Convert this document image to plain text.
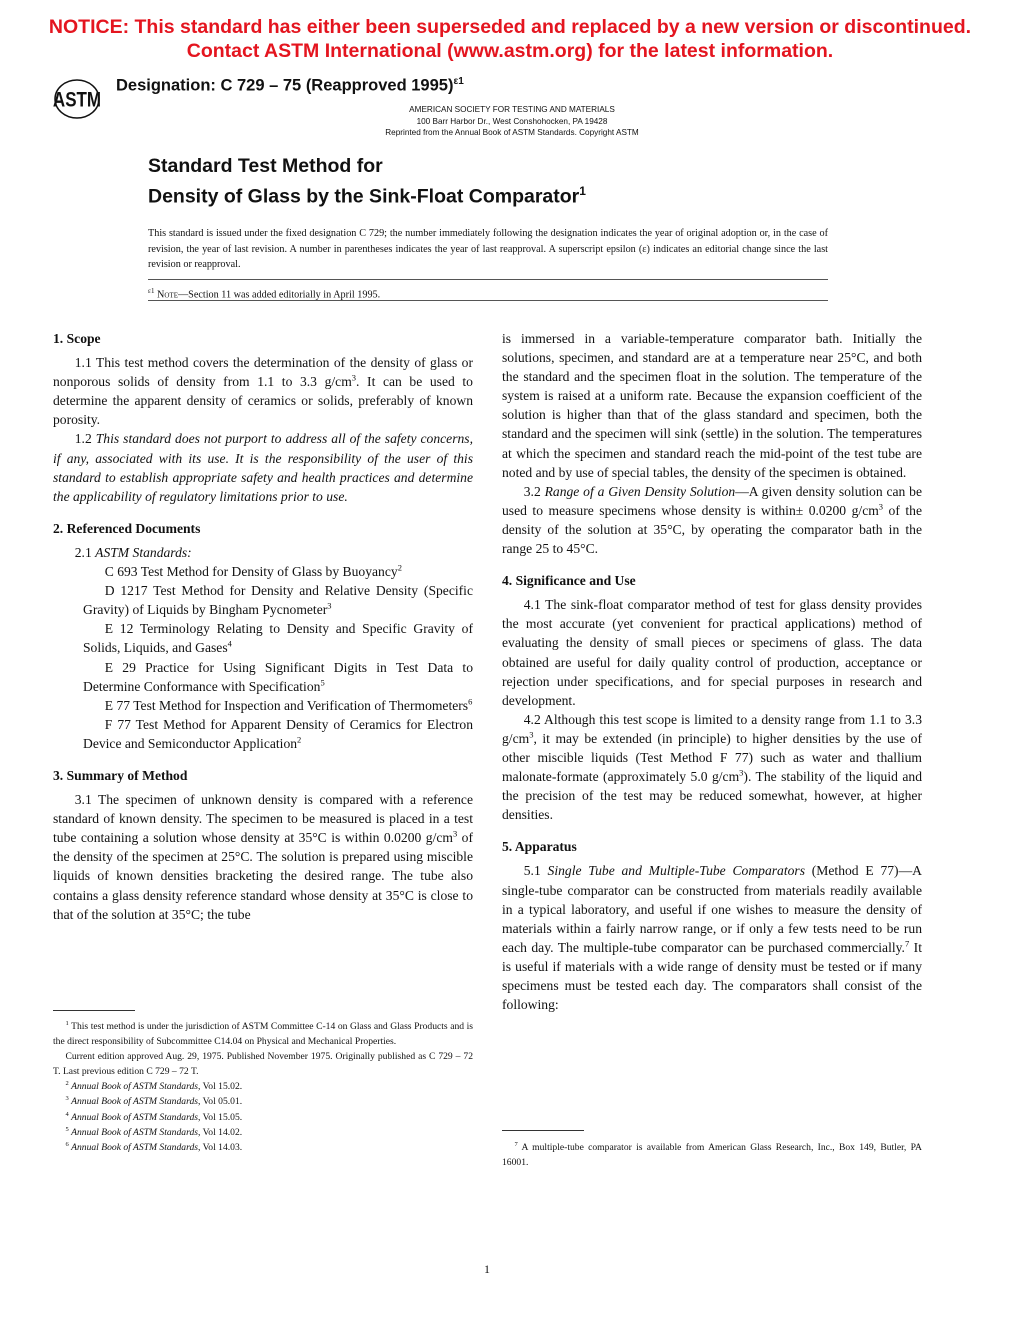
NOTICE: This standard has either been superseded and replaced by a new version or discontinued.
Contact ASTM International (www.astm.org) for the latest information.
A​STM
Designation: C 729 – 75 (Reapproved 1995)$^{\varepsilon 1}$
AMERICAN SOCIETY FOR TESTING AND MATERIALS
100 Barr Harbor Dr., West Conshohocken, PA 19428
Reprinted from the Annual Book of ASTM Standards. Copyright ASTM
Standard Test Method for
Density of Glass by the Sink-Float Comparator$^1$
This standard is issued under the fixed designation C 729; the number immediately following the designation indicates the year of original adoption or, in the case of revision, the year of last revision. A number in parentheses indicates the year of last reapproval. A superscript epsilon (ε) indicates an editorial change since the last revision or reapproval.
$^{\varepsilon 1}$ Note—Section 11 was added editorially in April 1995.
1. Scope

1.1 This test method covers the determination of the density of glass or nonporous solids of density from 1.1 to 3.3 $g/cm^3$. It can be used to determine the apparent density of ceramics or solids, preferably of known porosity.

1.2 This standard does not purport to address all of the safety concerns, if any, associated with its use. It is the responsibility of the user of this standard to establish appropriate safety and health practices and determine the applicability of regulatory limitations prior to use.

2. Referenced Documents

2.1 ASTM Standards:

C 693 Test Method for Density of Glass by Buoyancy$^2$

D 1217 Test Method for Density and Relative Density (Specific Gravity) of Liquids by Bingham Pycnometer$^3$

E 12 Terminology Relating to Density and Specific Gravity of Solids, Liquids, and Gases$^4$

E 29 Practice for Using Significant Digits in Test Data to Determine Conformance with Specification$^5$

E 77 Test Method for Inspection and Verification of Thermometers$^6$

F 77 Test Method for Apparent Density of Ceramics for Electron Device and Semiconductor Application$^2$

3. Summary of Method

3.1 The specimen of unknown density is compared with a reference standard of known density. The specimen to be measured is placed in a test tube containing a solution whose density at 35°C is within 0.0200 $g/cm^3$ of the density of the specimen at 25°C. The solution is prepared using miscible liquids of known densities bracketing the desired range. The tube also contains a glass density reference standard whose density at 35°C is close to that of the solution at 35°C; the tube

$^1$ This test method is under the jurisdiction of ASTM Committee C-14 on Glass and Glass Products and is the direct responsibility of Subcommittee C14.04 on Physical and Mechanical Properties.

Current edition approved Aug. 29, 1975. Published November 1975. Originally published as C 729 – 72 T. Last previous edition C 729 – 72 T.

$^2$ Annual Book of ASTM Standards, Vol 15.02.

$^3$ Annual Book of ASTM Standards, Vol 05.01.

$^4$ Annual Book of ASTM Standards, Vol 15.05.

$^5$ Annual Book of ASTM Standards, Vol 14.02.

$^6$ Annual Book of ASTM Standards, Vol 14.03.

is immersed in a variable-temperature comparator bath. Initially the solutions, specimen, and standard are at a temperature near 25°C, and both the standard and the specimen float in the solution. The temperature of the system is raised at a uniform rate. Because the expansion coefficient of the solution is higher than that of the glass standard and specimen, both the standard and the specimen will sink (settle) in the solution. The temperatures at which the specimen and standard reach the mid-point of the test tube are noted and by use of special tables, the density of the specimen is obtained.

3.2 Range of a Given Density Solution—A given density solution can be used to measure specimens whose density is within± 0.0200 $g/cm^3$ of the density of the solution at 35°C, by operating the comparator bath in the range 25 to 45°C.

4. Significance and Use

4.1 The sink-float comparator method of test for glass density provides the most accurate (yet convenient for practical applications) method of evaluating the density of small pieces or specimens of glass. The data obtained are useful for daily quality control of production, acceptance or rejection under specifications, and for special purposes in research and development.

4.2 Although this test scope is limited to a density range from 1.1 to 3.3 $g/cm^3$, it may be extended (in principle) to higher densities by the use of other miscible liquids (Test Method F 77) such as water and thallium malonate-formate (approximately 5.0 $g/cm^3$). The stability of the liquid and the precision of the test may be reduced somewhat, however, at higher densities.

5. Apparatus

5.1 Single Tube and Multiple-Tube Comparators (Method E 77)—A single-tube comparator can be constructed from materials readily available in a typical laboratory, and useful if one wishes to measure the density of materials within a fairly narrow range, or if only a few tests need to be run each day. The multiple-tube comparator can be purchased commercially.$^7$ It is useful if materials with a wide range of density must be tested or if many specimens must be tested each day. The comparators shall consist of the following:

$^7$ A multiple-tube comparator is available from American Glass Research, Inc., Box 149, Butler, PA 16001.

1
